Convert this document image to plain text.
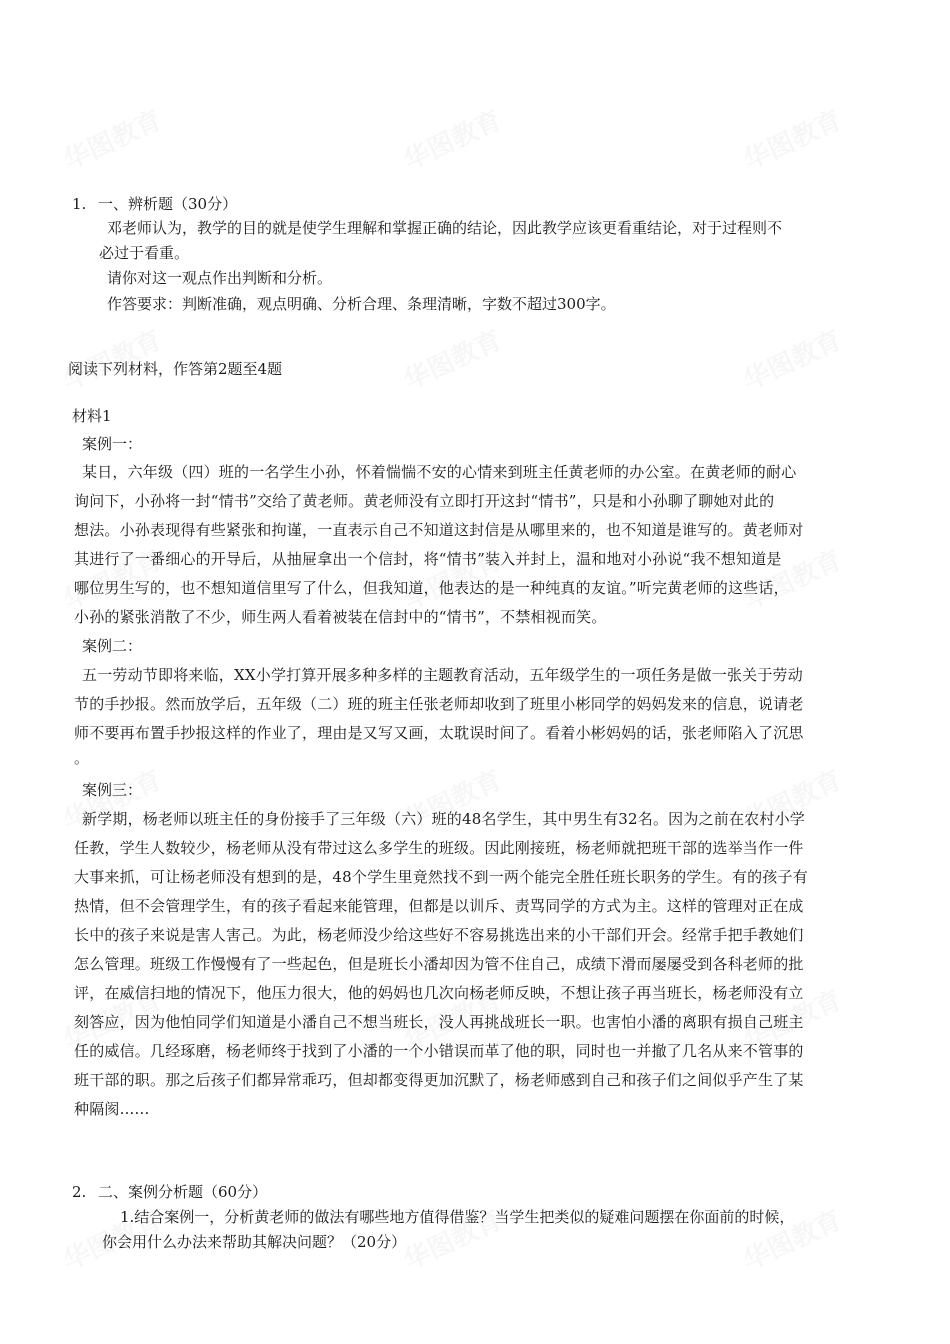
1. 一、辨析题（30分）
邓老师认为，教学的目的就是使学生理解和掌握正确的结论，因此教学应该更看重结论，对于过程则不
必过于看重。
请你对这一观点作出判断和分析。
作答要求：判断准确，观点明确、分析合理、条理清晰，字数不超过300字。
阅读下列材料，作答第2题至4题
材料1
案例一：
某日，六年级（四）班的一名学生小孙，怀着惴惴不安的心情来到班主任黄老师的办公室。在黄老师的耐心
询问下，小孙将一封“情书”交给了黄老师。黄老师没有立即打开这封“情书”，只是和小孙聊了聊她对此的
想法。小孙表现得有些紧张和拘谨，一直表示自己不知道这封信是从哪里来的，也不知道是谁写的。黄老师对
其进行了一番细心的开导后，从抽屉拿出一个信封，将“情书”装入并封上，温和地对小孙说“我不想知道是
哪位男生写的，也不想知道信里写了什么，但我知道，他表达的是一种纯真的友谊。”听完黄老师的这些话，
小孙的紧张消散了不少，师生两人看着被装在信封中的“情书”，不禁相视而笑。
案例二：
五一劳动节即将来临，XX小学打算开展多种多样的主题教育活动，五年级学生的一项任务是做一张关于劳动
节的手抄报。然而放学后，五年级（二）班的班主任张老师却收到了班里小彬同学的妈妈发来的信息，说请老
师不要再布置手抄报这样的作业了，理由是又写又画，太耽误时间了。看着小彬妈妈的话，张老师陷入了沉思
。
案例三：
新学期，杨老师以班主任的身份接手了三年级（六）班的48名学生，其中男生有32名。因为之前在农村小学
任教，学生人数较少，杨老师从没有带过这么多学生的班级。因此刚接班，杨老师就把班干部的选举当作一件
大事来抓，可让杨老师没有想到的是，48个学生里竟然找不到一两个能完全胜任班长职务的学生。有的孩子有
热情，但不会管理学生，有的孩子看起来能管理，但都是以训斥、责骂同学的方式为主。这样的管理对正在成
长中的孩子来说是害人害己。为此，杨老师没少给这些好不容易挑选出来的小干部们开会。经常手把手教她们
怎么管理。班级工作慢慢有了一些起色，但是班长小潘却因为管不住自己，成绩下滑而屡屡受到各科老师的批
评，在威信扫地的情况下，他压力很大，他的妈妈也几次向杨老师反映，不想让孩子再当班长，杨老师没有立
刻答应，因为他怕同学们知道是小潘自己不想当班长，没人再挑战班长一职。也害怕小潘的离职有损自己班主
任的威信。几经琢磨，杨老师终于找到了小潘的一个小错误而革了他的职，同时也一并撤了几名从来不管事的
班干部的职。那之后孩子们都异常乖巧，但却都变得更加沉默了，杨老师感到自己和孩子们之间似乎产生了某
种隔阂......
2. 二、案例分析题（60分）
1.结合案例一，分析黄老师的做法有哪些地方值得借鉴？当学生把类似的疑难问题摆在你面前的时候，
你会用什么办法来帮助其解决问题？（20分）
